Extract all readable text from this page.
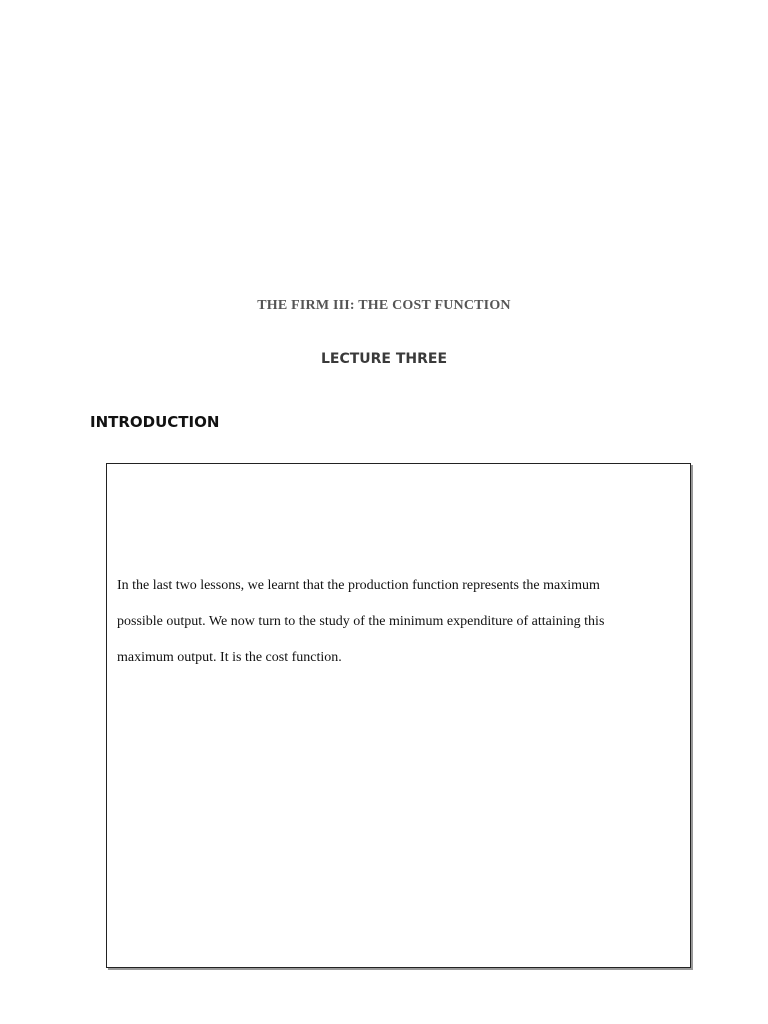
THE FIRM III: THE COST FUNCTION
LECTURE THREE
INTRODUCTION

In the last two lessons, we learnt that the production function represents the maximum
possible output. We now turn to the study of the minimum expenditure of attaining this
maximum output. It is the cost function.
